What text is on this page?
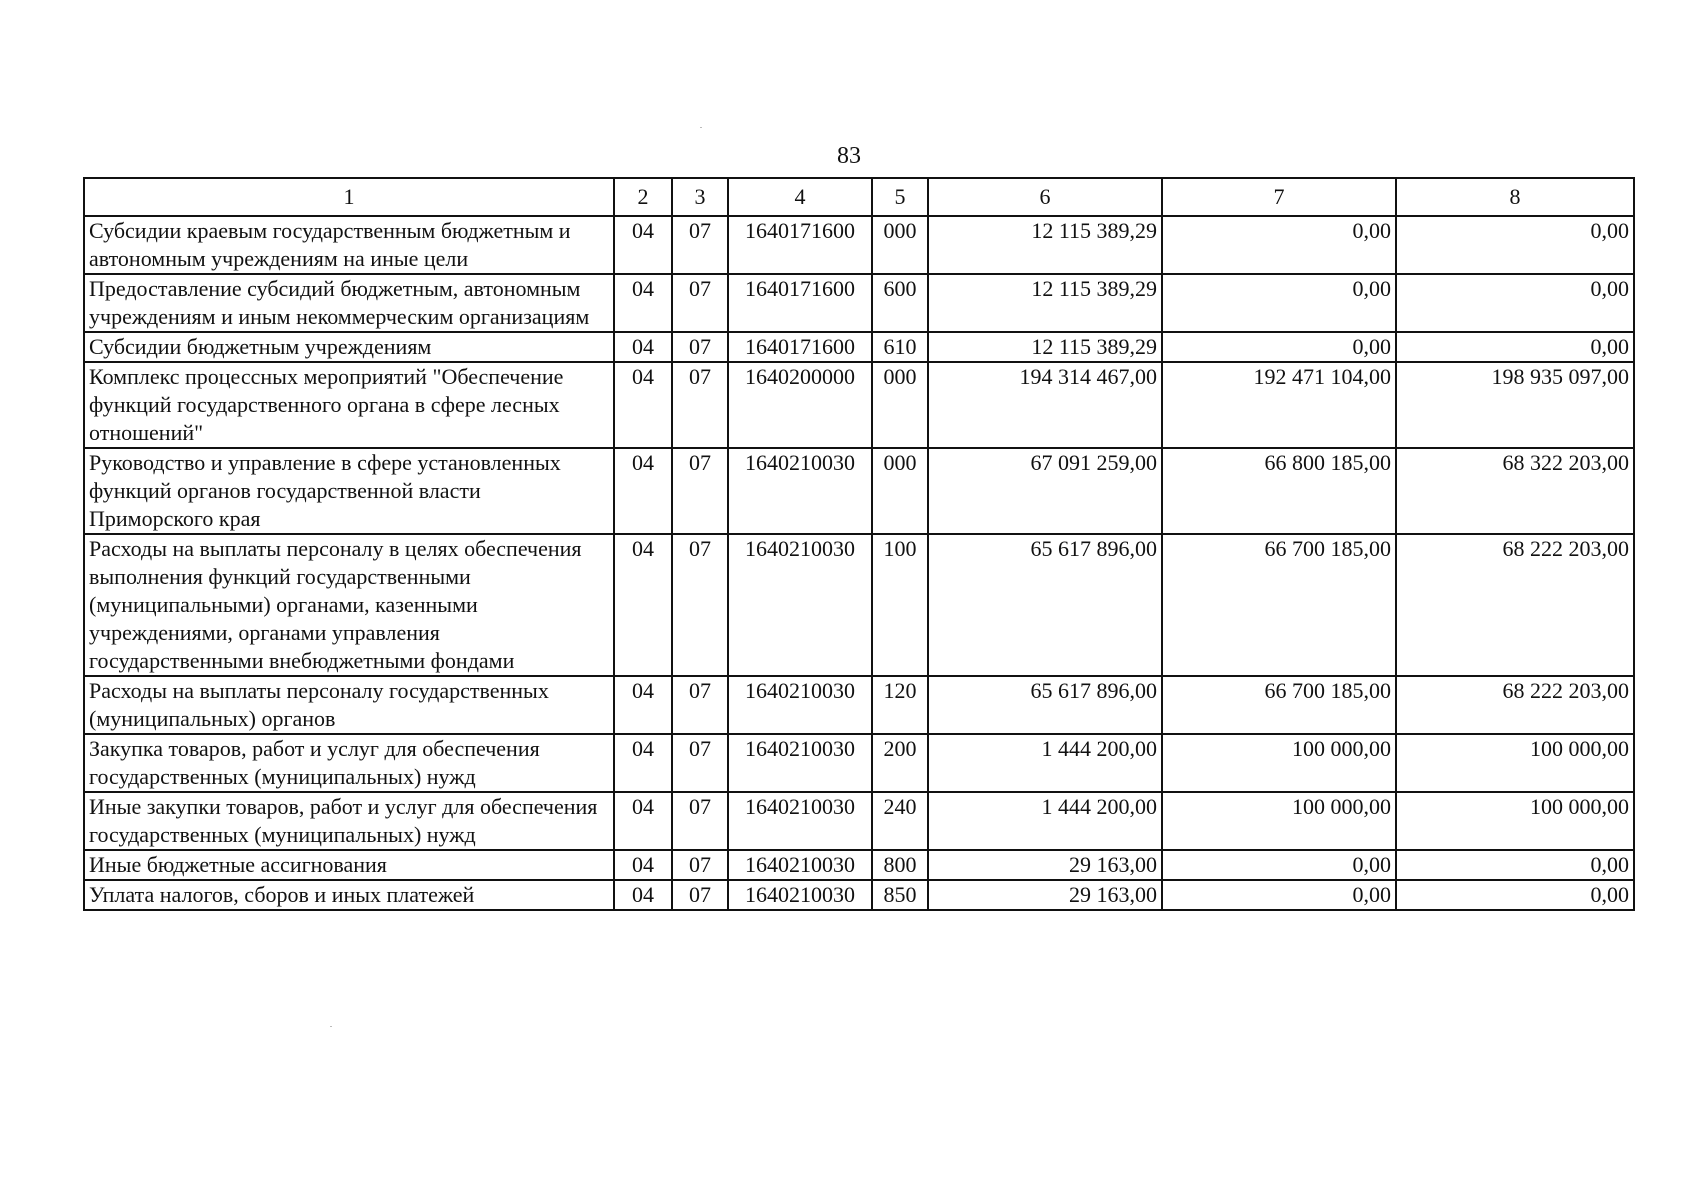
83
1	2	3	4	5	6	7	8
Субсидии краевым государственным бюджетным и автономным учреждениям на иные цели	04	07	1640171600	000	12 115 389,29	0,00	0,00
Предоставление субсидий бюджетным, автономным учреждениям и иным некоммерческим организациям	04	07	1640171600	600	12 115 389,29	0,00	0,00
Субсидии бюджетным учреждениям	04	07	1640171600	610	12 115 389,29	0,00	0,00
Комплекс процессных мероприятий "Обеспечение функций государственного органа в сфере лесных отношений"	04	07	1640200000	000	194 314 467,00	192 471 104,00	198 935 097,00
Руководство и управление в сфере установленных функций органов государственной власти Приморского края	04	07	1640210030	000	67 091 259,00	66 800 185,00	68 322 203,00
Расходы на выплаты персоналу в целях обеспечения выполнения функций государственными (муниципальными) органами, казенными учреждениями, органами управления государственными внебюджетными фондами	04	07	1640210030	100	65 617 896,00	66 700 185,00	68 222 203,00
Расходы на выплаты персоналу государственных (муниципальных) органов	04	07	1640210030	120	65 617 896,00	66 700 185,00	68 222 203,00
Закупка товаров, работ и услуг для обеспечения государственных (муниципальных) нужд	04	07	1640210030	200	1 444 200,00	100 000,00	100 000,00
Иные закупки товаров, работ и услуг для обеспечения государственных (муниципальных) нужд	04	07	1640210030	240	1 444 200,00	100 000,00	100 000,00
Иные бюджетные ассигнования	04	07	1640210030	800	29 163,00	0,00	0,00
Уплата налогов, сборов и иных платежей	04	07	1640210030	850	29 163,00	0,00	0,00
